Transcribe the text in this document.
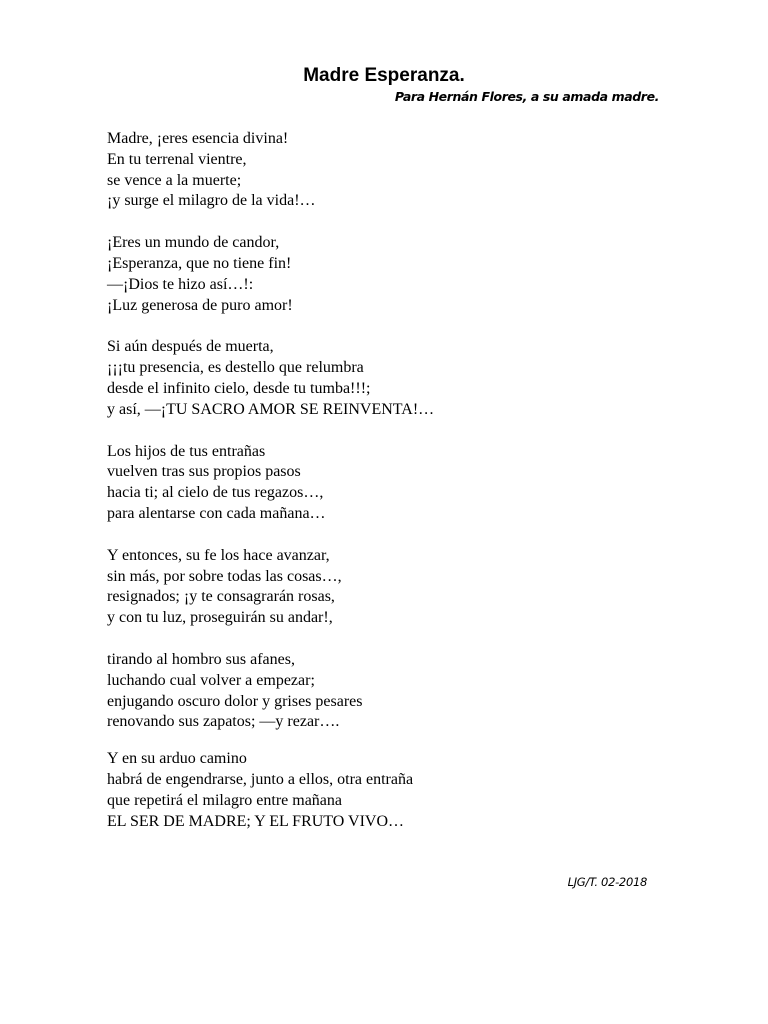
Madre Esperanza.

Para Hernán Flores, a su amada madre.

Madre, ¡eres esencia divina!
En tu terrenal vientre,
se vence a la muerte;
¡y surge el milagro de la vida!…
¡Eres un mundo de candor,
¡Esperanza, que no tiene fin!
—¡Dios te hizo así…!:
¡Luz generosa de puro amor!
Si aún después de muerta,
¡¡¡tu presencia, es destello que relumbra
desde el infinito cielo, desde tu tumba!!!;
y así, —¡TU SACRO AMOR SE REINVENTA!…
Los hijos de tus entrañas
vuelven tras sus propios pasos
hacia ti; al cielo de tus regazos…,
para alentarse con cada mañana…
Y entonces, su fe los hace avanzar,
sin más, por sobre todas las cosas…,
resignados; ¡y te consagrarán rosas,
y con tu luz, proseguirán su andar!,
tirando al hombro sus afanes,
luchando cual volver a empezar;
enjugando oscuro dolor y grises pesares
renovando sus zapatos; —y rezar….
Y en su arduo camino
habrá de engendrarse, junto a ellos, otra entraña
que repetirá el milagro entre mañana
EL SER DE MADRE; Y EL FRUTO VIVO…

LJG/T. 02-2018
